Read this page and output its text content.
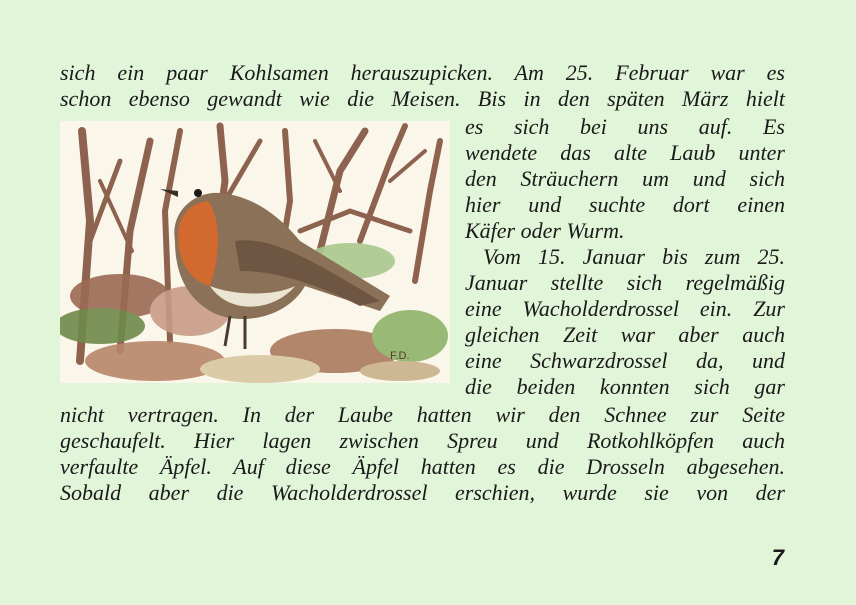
sich ein paar Kohlsamen herauszupicken. Am 25. Februar war es
schon ebenso gewandt wie die Meisen. Bis in den späten März hielt
es sich bei uns auf. Es
wendete das alte Laub unter
den Sträuchern um und sich
hier und suchte dort einen
Käfer oder Wurm.
Vom 15. Januar bis zum 25.
Januar stellte sich regelmäßig
eine Wacholderdrossel ein. Zur
gleichen Zeit war aber auch
eine Schwarzdrossel da, und
die beiden konnten sich gar
nicht vertragen. In der Laube hatten wir den Schnee zur Seite
geschaufelt. Hier lagen zwischen Spreu und Rotkohlköpfen auch
verfaulte Äpfel. Auf diese Äpfel hatten es die Drosseln abgesehen.
Sobald aber die Wacholderdrossel erschien, wurde sie von der
F.D.
7
